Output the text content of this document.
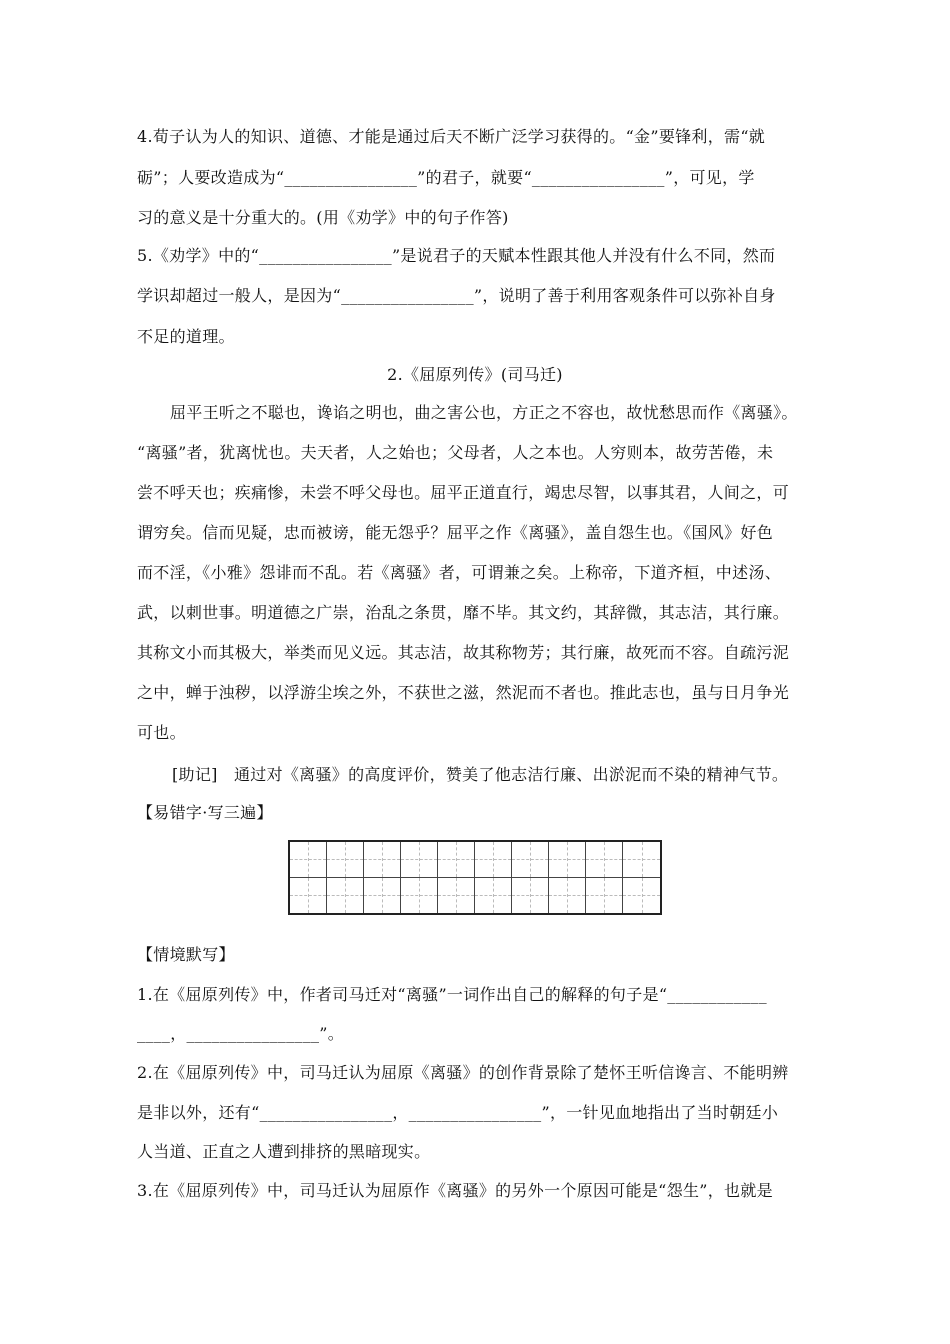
4.荀子认为人的知识、道德、才能是通过后天不断广泛学习获得的。“金”要锋利，需“就

砺”；人要改造成为“________________”的君子，就要“________________”，可见，学

习的意义是十分重大的。(用《劝学》中的句子作答)

5.《劝学》中的“________________”是说君子的天赋本性跟其他人并没有什么不同，然而

学识却超过一般人，是因为“________________”，说明了善于利用客观条件可以弥补自身

不足的道理。

2.《屈原列传》(司马迁)

屈平王听之不聪也，谗谄之明也，曲之害公也，方正之不容也，故忧愁思而作《离骚》。

“离骚”者，犹离忧也。夫天者，人之始也；父母者，人之本也。人穷则本，故劳苦倦，未

尝不呼天也；疾痛惨，未尝不呼父母也。屈平正道直行，竭忠尽智，以事其君，人间之，可

谓穷矣。信而见疑，忠而被谤，能无怨乎？屈平之作《离骚》，盖自怨生也。《国风》好色

而不淫，《小雅》怨诽而不乱。若《离骚》者，可谓兼之矣。上称帝，下道齐桓，中述汤、

武，以刺世事。明道德之广崇，治乱之条贯，靡不毕。其文约，其辞微，其志洁，其行廉。

其称文小而其极大，举类而见义远。其志洁，故其称物芳；其行廉，故死而不容。自疏污泥

之中，蝉于浊秽，以浮游尘埃之外，不获世之滋，然泥而不者也。推此志也，虽与日月争光

可也。

[助记]　通过对《离骚》的高度评价，赞美了他志洁行廉、出淤泥而不染的精神气节。

【易错字·写三遍】

【情境默写】

1.在《屈原列传》中，作者司马迁对“离骚”一词作出自己的解释的句子是“____________

____，________________”。

2.在《屈原列传》中，司马迁认为屈原《离骚》的创作背景除了楚怀王听信谗言、不能明辨

是非以外，还有“________________，________________”，一针见血地指出了当时朝廷小

人当道、正直之人遭到排挤的黑暗现实。

3.在《屈原列传》中，司马迁认为屈原作《离骚》的另外一个原因可能是“怨生”，也就是
